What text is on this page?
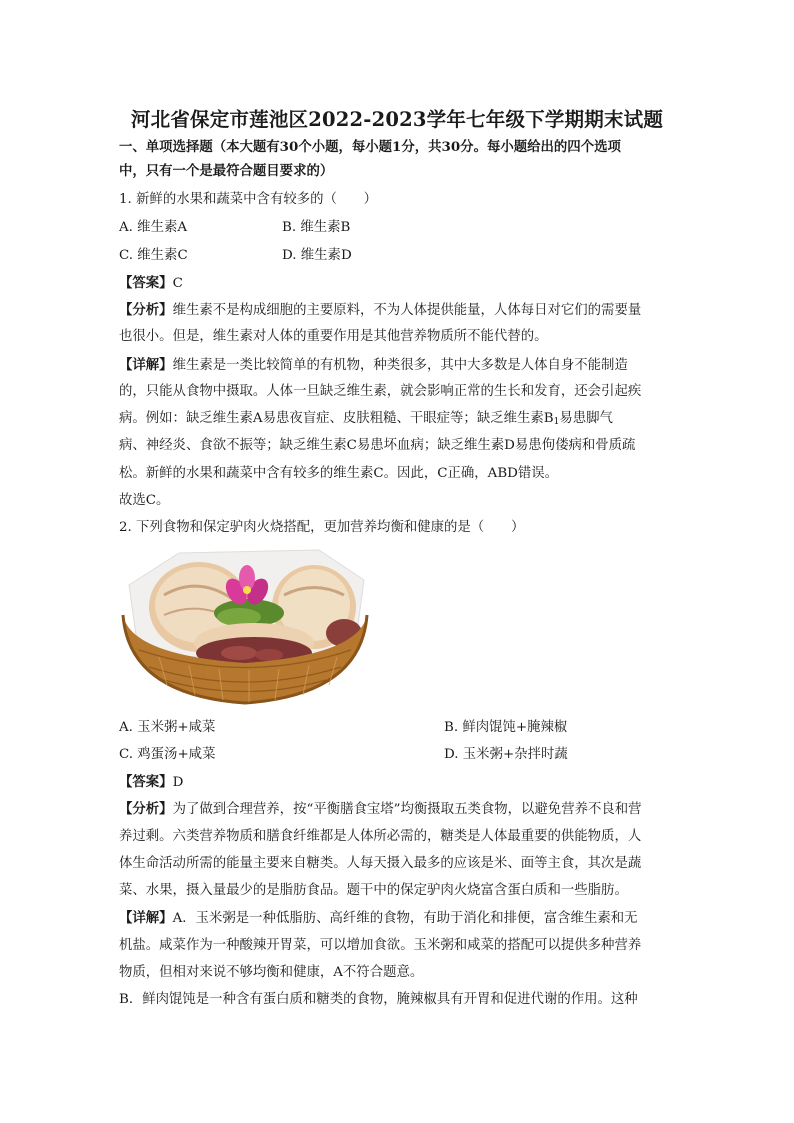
河北省保定市莲池区2022-2023学年七年级下学期期末试题
一、单项选择题（本大题有30个小题，每小题1分，共30分。每小题给出的四个选项
中，只有一个是最符合题目要求的）
1. 新鲜的水果和蔬菜中含有较多的（　　）
A. 维生素A	B. 维生素B
C. 维生素C	D. 维生素D
【答案】C
【分析】维生素不是构成细胞的主要原料，不为人体提供能量，人体每日对它们的需要量
也很小。但是，维生素对人体的重要作用是其他营养物质所不能代替的。
【详解】维生素是一类比较简单的有机物，种类很多，其中大多数是人体自身不能制造
的，只能从食物中摄取。人体一旦缺乏维生素，就会影响正常的生长和发育，还会引起疾
病。例如：缺乏维生素A易患夜盲症、皮肤粗糙、干眼症等；缺乏维生素$B_1$易患脚气
病、神经炎、食欲不振等；缺乏维生素C易患坏血病；缺乏维生素D易患佝偻病和骨质疏
松。新鲜的水果和蔬菜中含有较多的维生素C。因此，C正确，ABD错误。
故选C。
2. 下列食物和保定驴肉火烧搭配，更加营养均衡和健康的是（　　）
A. 玉米粥+咸菜	B. 鲜肉馄饨+腌辣椒
C. 鸡蛋汤+咸菜	D. 玉米粥+杂拌时蔬
【答案】D
【分析】为了做到合理营养，按“平衡膳食宝塔”均衡摄取五类食物，以避免营养不良和营
养过剩。六类营养物质和膳食纤维都是人体所必需的，糖类是人体最重要的供能物质，人
体生命活动所需的能量主要来自糖类。人每天摄入最多的应该是米、面等主食，其次是蔬
菜、水果，摄入量最少的是脂肪食品。题干中的保定驴肉火烧富含蛋白质和一些脂肪。
【详解】A．玉米粥是一种低脂肪、高纤维的食物，有助于消化和排便，富含维生素和无
机盐。咸菜作为一种酸辣开胃菜，可以增加食欲。玉米粥和咸菜的搭配可以提供多种营养
物质，但相对来说不够均衡和健康，A不符合题意。
B．鲜肉馄饨是一种含有蛋白质和糖类的食物，腌辣椒具有开胃和促进代谢的作用。这种
